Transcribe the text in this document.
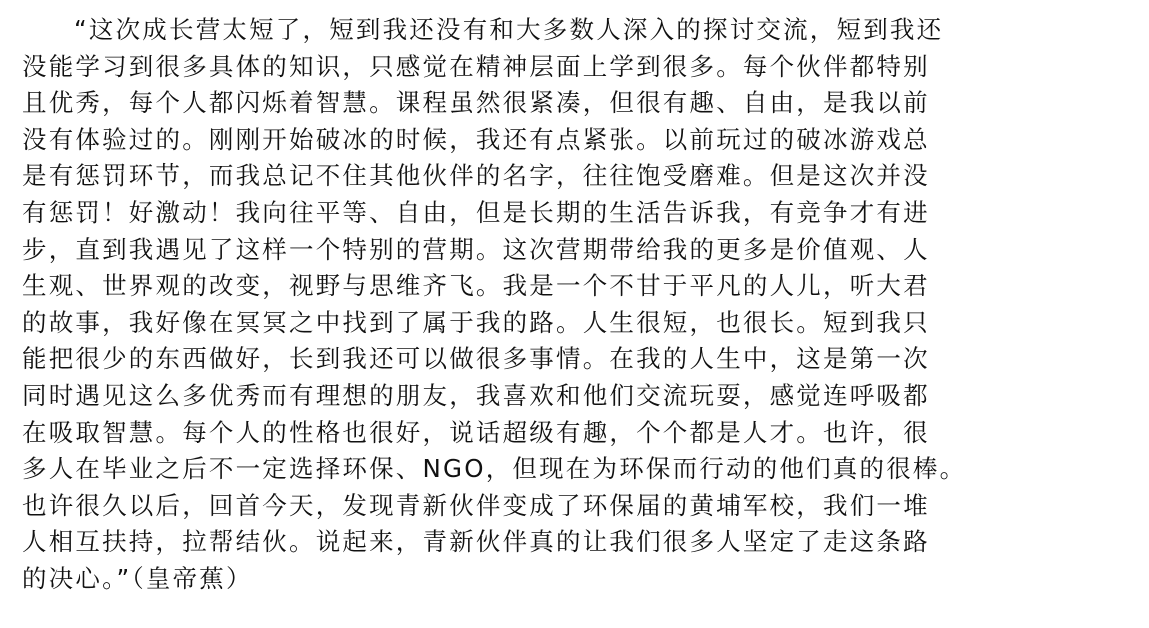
“这次成长营太短了，短到我还没有和大多数人深入的探讨交流，短到我还
没能学习到很多具体的知识，只感觉在精神层面上学到很多。每个伙伴都特别
且优秀，每个人都闪烁着智慧。课程虽然很紧凑，但很有趣、自由，是我以前
没有体验过的。刚刚开始破冰的时候，我还有点紧张。以前玩过的破冰游戏总
是有惩罚环节，而我总记不住其他伙伴的名字，往往饱受磨难。但是这次并没
有惩罚！好激动！我向往平等、自由，但是长期的生活告诉我，有竞争才有进
步，直到我遇见了这样一个特别的营期。这次营期带给我的更多是价值观、人
生观、世界观的改变，视野与思维齐飞。我是一个不甘于平凡的人儿，听大君
的故事，我好像在冥冥之中找到了属于我的路。人生很短，也很长。短到我只
能把很少的东西做好，长到我还可以做很多事情。在我的人生中，这是第一次
同时遇见这么多优秀而有理想的朋友，我喜欢和他们交流玩耍，感觉连呼吸都
在吸取智慧。每个人的性格也很好，说话超级有趣，个个都是人才。也许，很
多人在毕业之后不一定选择环保、NGO，但现在为环保而行动的他们真的很棒。
也许很久以后，回首今天，发现青新伙伴变成了环保届的黄埔军校，我们一堆
人相互扶持，拉帮结伙。说起来，青新伙伴真的让我们很多人坚定了走这条路
的决心。”（皇帝蕉）
